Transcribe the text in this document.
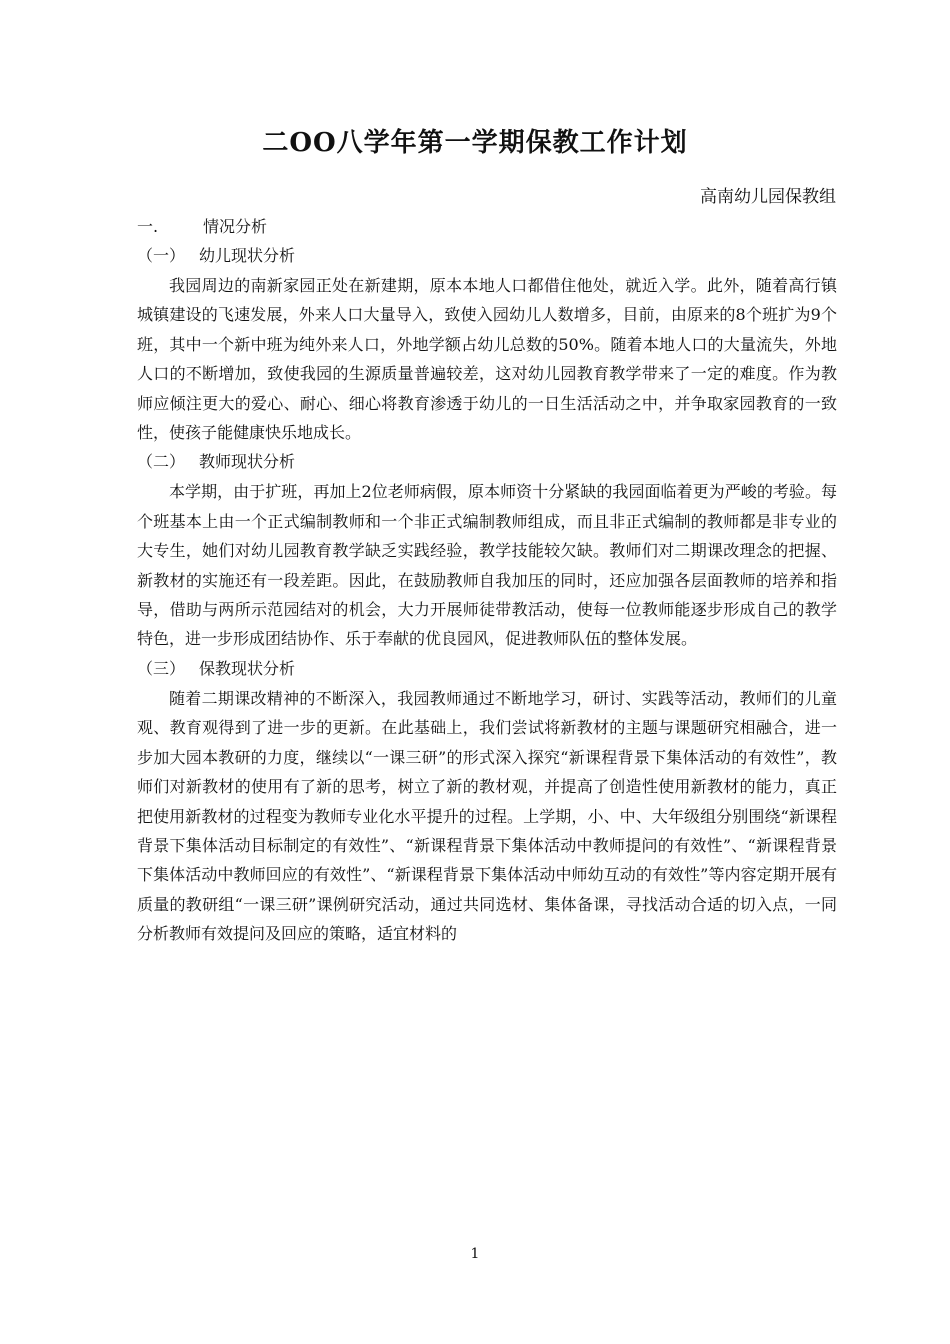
二OO八学年第一学期保教工作计划
高南幼儿园保教组
一.	情况分析
（一） 幼儿现状分析

我园周边的南新家园正处在新建期，原本本地人口都借住他处，就近入学。此外，随着高行镇城镇建设的飞速发展，外来人口大量导入，致使入园幼儿人数增多，目前，由原来的8个班扩为9个班，其中一个新中班为纯外来人口，外地学额占幼儿总数的50%。随着本地人口的大量流失，外地人口的不断增加，致使我园的生源质量普遍较差，这对幼儿园教育教学带来了一定的难度。作为教师应倾注更大的爱心、耐心、细心将教育渗透于幼儿的一日生活活动之中，并争取家园教育的一致性，使孩子能健康快乐地成长。

（二） 教师现状分析

本学期，由于扩班，再加上2位老师病假，原本师资十分紧缺的我园面临着更为严峻的考验。每个班基本上由一个正式编制教师和一个非正式编制教师组成，而且非正式编制的教师都是非专业的大专生，她们对幼儿园教育教学缺乏实践经验，教学技能较欠缺。教师们对二期课改理念的把握、新教材的实施还有一段差距。因此，在鼓励教师自我加压的同时，还应加强各层面教师的培养和指导，借助与两所示范园结对的机会，大力开展师徒带教活动，使每一位教师能逐步形成自己的教学特色，进一步形成团结协作、乐于奉献的优良园风，促进教师队伍的整体发展。

（三） 保教现状分析

随着二期课改精神的不断深入，我园教师通过不断地学习，研讨、实践等活动，教师们的儿童观、教育观得到了进一步的更新。在此基础上，我们尝试将新教材的主题与课题研究相融合，进一步加大园本教研的力度，继续以“一课三研”的形式深入探究“新课程背景下集体活动的有效性”，教师们对新教材的使用有了新的思考，树立了新的教材观，并提高了创造性使用新教材的能力，真正把使用新教材的过程变为教师专业化水平提升的过程。上学期，小、中、大年级组分别围绕“新课程背景下集体活动目标制定的有效性”、“新课程背景下集体活动中教师提问的有效性”、“新课程背景下集体活动中教师回应的有效性”、“新课程背景下集体活动中师幼互动的有效性”等内容定期开展有质量的教研组“一课三研”课例研究活动，通过共同选材、集体备课，寻找活动合适的切入点，一同分析教师有效提问及回应的策略，适宜材料的

1
